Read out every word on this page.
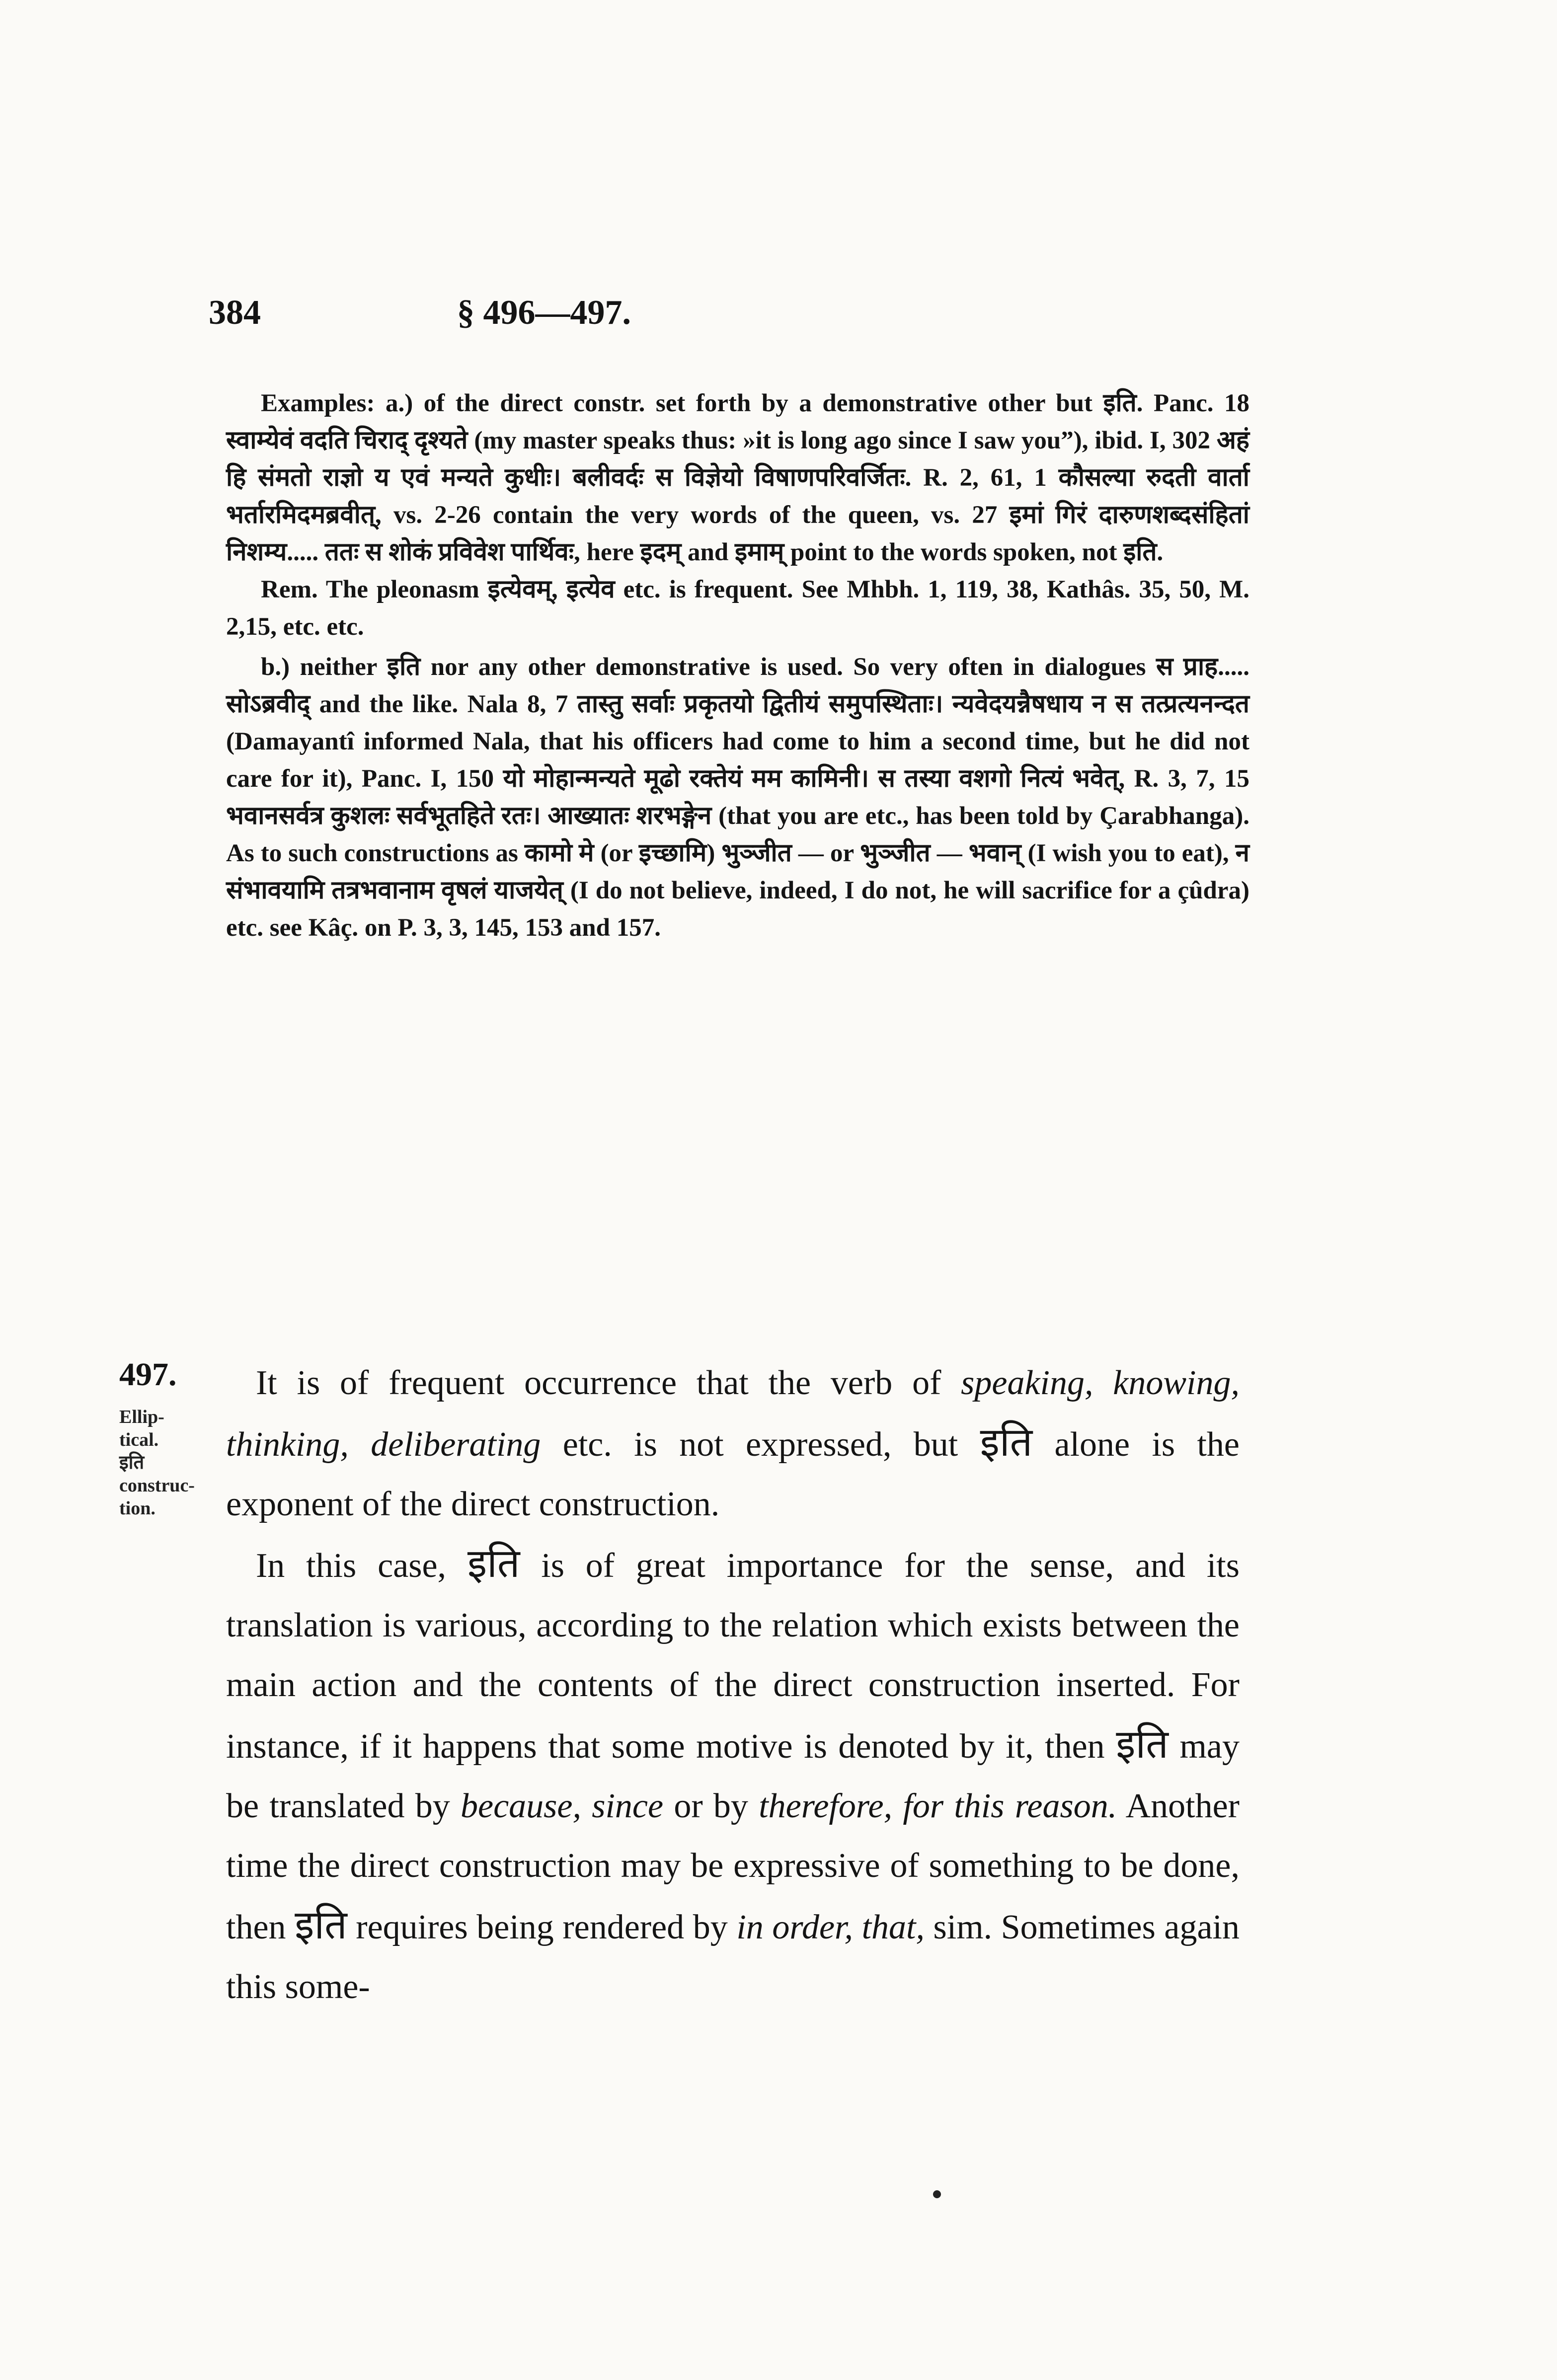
384	§ 496—497.

Examples: a.) of the direct constr. set forth by a demonstrative other but इति. Panc. 18 स्वाम्येवं वदति चिराद् दृश्यते (my master speaks thus: »it is long ago since I saw you”), ibid. I, 302 अहं हि संमतो राज्ञो य एवं मन्यते कुधीः। बलीवर्दः स विज्ञेयो विषाणपरिवर्जितः. R. 2, 61, 1 कौसल्या रुदती वार्ता भर्तारमिदमब्रवीत्, vs. 2-26 contain the very words of the queen, vs. 27 इमां गिरं दारुणशब्दसंहितां निशम्य..... ततः स शोकं प्रविवेश पार्थिवः, here इदम् and इमाम् point to the words spoken, not इति.

Rem. The pleonasm इत्येवम्, इत्येव etc. is frequent. See Mhbh. 1, 119, 38, Kathâs. 35, 50, M. 2,15, etc. etc.

b.) neither इति nor any other demonstrative is used. So very often in dialogues स प्राह..... सोऽब्रवीद् and the like. Nala 8, 7 तास्तु सर्वाः प्रकृतयो द्वितीयं समुपस्थिताः। न्यवेदयन्नैषधाय न स तत्प्रत्यनन्दत (Damayantî informed Nala, that his officers had come to him a second time, but he did not care for it), Panc. I, 150 यो मोहान्मन्यते मूढो रक्तेयं मम कामिनी। स तस्या वशगो नित्यं भवेत्, R. 3, 7, 15 भवानसर्वत्र कुशलः सर्वभूतहिते रतः। आख्यातः शरभङ्गेन (that you are etc., has been told by Çarabhanga). As to such constructions as कामो मे (or इच्छामि) भुञ्जीत — or भुञ्जीत — भवान् (I wish you to eat), न संभावयामि तत्रभवानाम वृषलं याजयेत् (I do not believe, indeed, I do not, he will sacrifice for a çûdra) etc. see Kâç. on P. 3, 3, 145, 153 and 157.

497.
Ellip-
tical.
इति
construc-
tion.

It is of frequent occurrence that the verb of speaking, knowing, thinking, deliberating etc. is not expressed, but इति alone is the exponent of the direct construction.

In this case, इति is of great importance for the sense, and its translation is various, according to the relation which exists between the main action and the contents of the direct construction inserted. For instance, if it happens that some motive is denoted by it, then इति may be translated by because, since or by therefore, for this reason. Another time the direct construction may be expressive of something to be done, then इति requires being rendered by in order, that, sim. Sometimes again this some-
